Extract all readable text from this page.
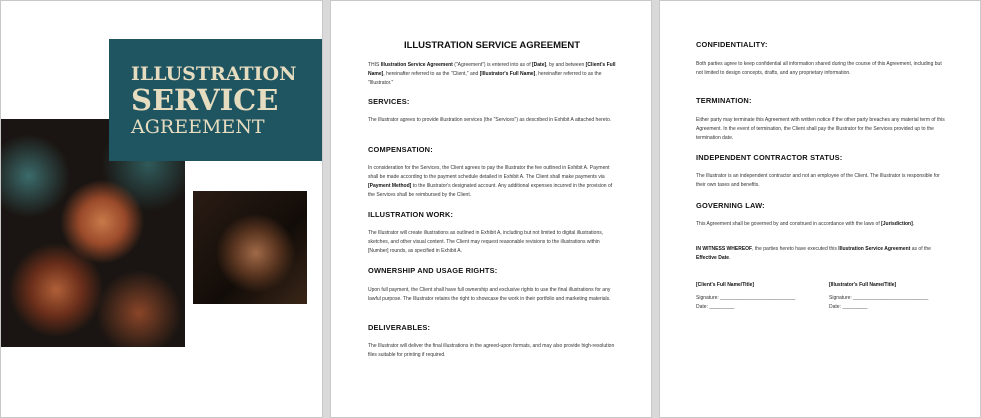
ILLUSTRATION
SERVICE
AGREEMENT
ILLUSTRATION SERVICE AGREEMENT
THIS Illustration Service Agreement ("Agreement") is entered into as of [Date], by and between [Client's Full Name], hereinafter referred to as the "Client," and [Illustrator's Full Name], hereinafter referred to as the "Illustrator."
SERVICES:
The Illustrator agrees to provide illustration services (the "Services") as described in Exhibit A attached hereto.
COMPENSATION:
In consideration for the Services, the Client agrees to pay the Illustrator the fee outlined in Exhibit A. Payment shall be made according to the payment schedule detailed in Exhibit A. The Client shall make payments via [Payment Method] to the Illustrator's designated account. Any additional expenses incurred in the provision of the Services shall be reimbursed by the Client.
ILLUSTRATION WORK:
The Illustrator will create illustrations as outlined in Exhibit A, including but not limited to digital illustrations, sketches, and other visual content. The Client may request reasonable revisions to the illustrations within [Number] rounds, as specified in Exhibit A.
OWNERSHIP AND USAGE RIGHTS:
Upon full payment, the Client shall have full ownership and exclusive rights to use the final illustrations for any lawful purpose. The Illustrator retains the right to showcase the work in their portfolio and marketing materials.
DELIVERABLES:
The Illustrator will deliver the final illustrations in the agreed-upon formats, and may also provide high-resolution files suitable for printing if required.
CONFIDENTIALITY:
Both parties agree to keep confidential all information shared during the course of this Agreement, including but not limited to design concepts, drafts, and any proprietary information.
TERMINATION:
Either party may terminate this Agreement with written notice if the other party breaches any material term of this Agreement. In the event of termination, the Client shall pay the Illustrator for the Services provided up to the termination date.
INDEPENDENT CONTRACTOR STATUS:
The Illustrator is an independent contractor and not an employee of the Client. The Illustrator is responsible for their own taxes and benefits.
GOVERNING LAW:
This Agreement shall be governed by and construed in accordance with the laws of [Jurisdiction].
IN WITNESS WHEREOF, the parties hereto have executed this Illustration Service Agreement as of the Effective Date.
[Client's Full Name/Title]
Signature: ___________________________
Date: _________
[Illustrator's Full Name/Title]
Signature: ___________________________
Date: _________
